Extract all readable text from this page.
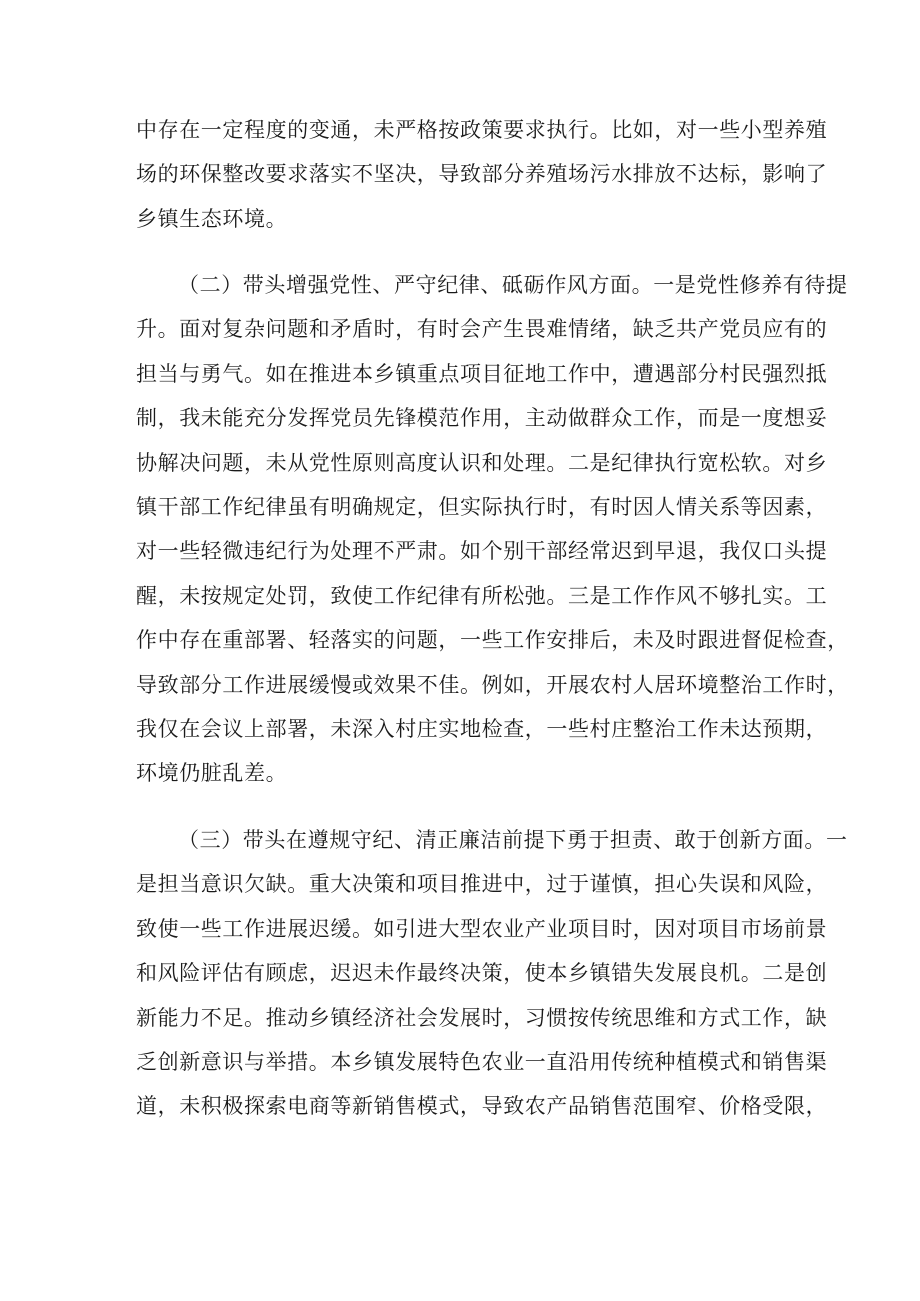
中存在一定程度的变通，未严格按政策要求执行。比如，对一些小型养殖
场的环保整改要求落实不坚决，导致部分养殖场污水排放不达标，影响了
乡镇生态环境。
（二）带头增强党性、严守纪律、砥砺作风方面。一是党性修养有待提
升。面对复杂问题和矛盾时，有时会产生畏难情绪，缺乏共产党员应有的
担当与勇气。如在推进本乡镇重点项目征地工作中，遭遇部分村民强烈抵
制，我未能充分发挥党员先锋模范作用，主动做群众工作，而是一度想妥
协解决问题，未从党性原则高度认识和处理。二是纪律执行宽松软。对乡
镇干部工作纪律虽有明确规定，但实际执行时，有时因人情关系等因素，
对一些轻微违纪行为处理不严肃。如个别干部经常迟到早退，我仅口头提
醒，未按规定处罚，致使工作纪律有所松弛。三是工作作风不够扎实。工
作中存在重部署、轻落实的问题，一些工作安排后，未及时跟进督促检查，
导致部分工作进展缓慢或效果不佳。例如，开展农村人居环境整治工作时，
我仅在会议上部署，未深入村庄实地检查，一些村庄整治工作未达预期，
环境仍脏乱差。
（三）带头在遵规守纪、清正廉洁前提下勇于担责、敢于创新方面。一
是担当意识欠缺。重大决策和项目推进中，过于谨慎，担心失误和风险，
致使一些工作进展迟缓。如引进大型农业产业项目时，因对项目市场前景
和风险评估有顾虑，迟迟未作最终决策，使本乡镇错失发展良机。二是创
新能力不足。推动乡镇经济社会发展时，习惯按传统思维和方式工作，缺
乏创新意识与举措。本乡镇发展特色农业一直沿用传统种植模式和销售渠
道，未积极探索电商等新销售模式，导致农产品销售范围窄、价格受限，
